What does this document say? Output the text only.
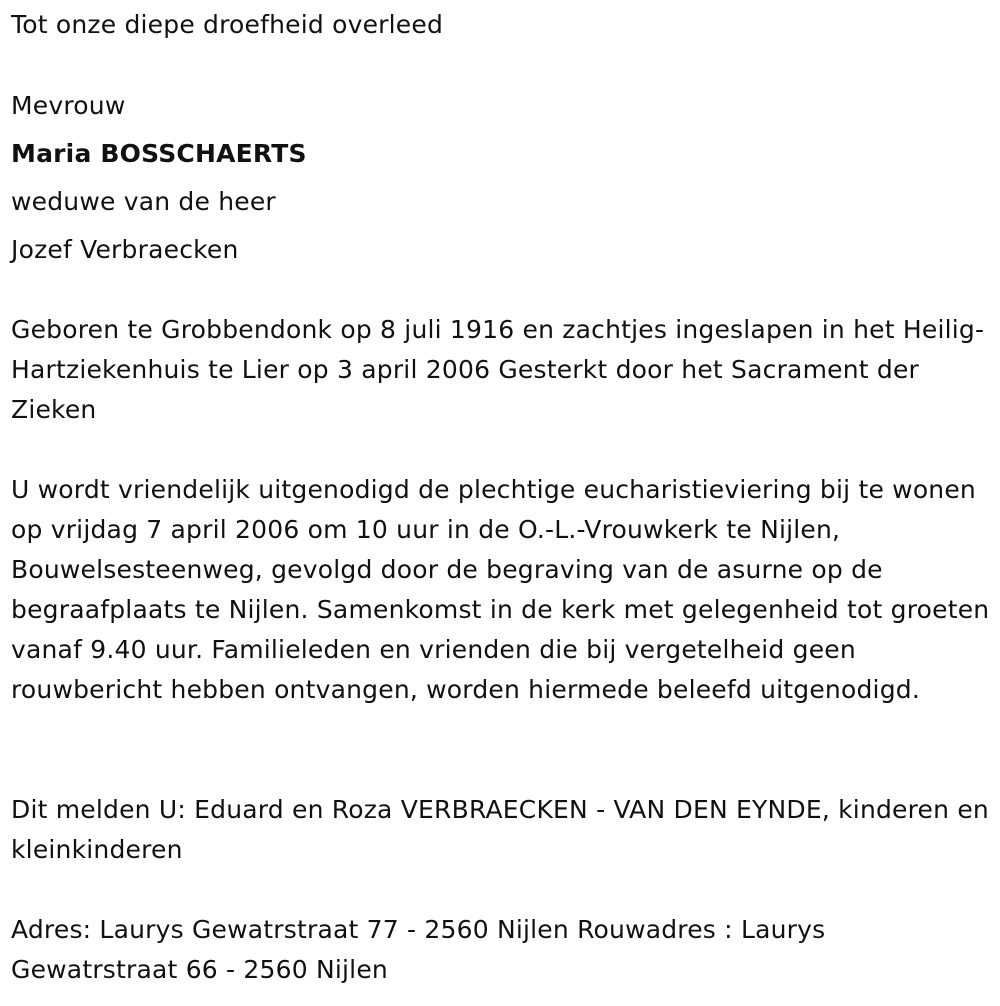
Tot onze diepe droefheid overleed
Mevrouw
Maria BOSSCHAERTS
weduwe van de heer
Jozef Verbraecken

Geboren te Grobbendonk op 8 juli 1916 en zachtjes ingeslapen in het Heilig-Hartziekenhuis te Lier op 3 april 2006 Gesterkt door het Sacrament der Zieken

U wordt vriendelijk uitgenodigd de plechtige eucharistieviering bij te wonen op vrijdag 7 april 2006 om 10 uur in de O.-L.-Vrouwkerk te Nijlen, Bouwelsesteenweg, gevolgd door de begraving van de asurne op de begraafplaats te Nijlen. Samenkomst in de kerk met gelegenheid tot groeten vanaf 9.40 uur. Familieleden en vrienden die bij vergetelheid geen rouwbericht hebben ontvangen, worden hiermede beleefd uitgenodigd.

Dit melden U: Eduard en Roza VERBRAECKEN - VAN DEN EYNDE, kinderen en kleinkinderen

Adres: Laurys Gewatrstraat 77 - 2560 Nijlen Rouwadres : Laurys Gewatrstraat 66 - 2560 Nijlen
